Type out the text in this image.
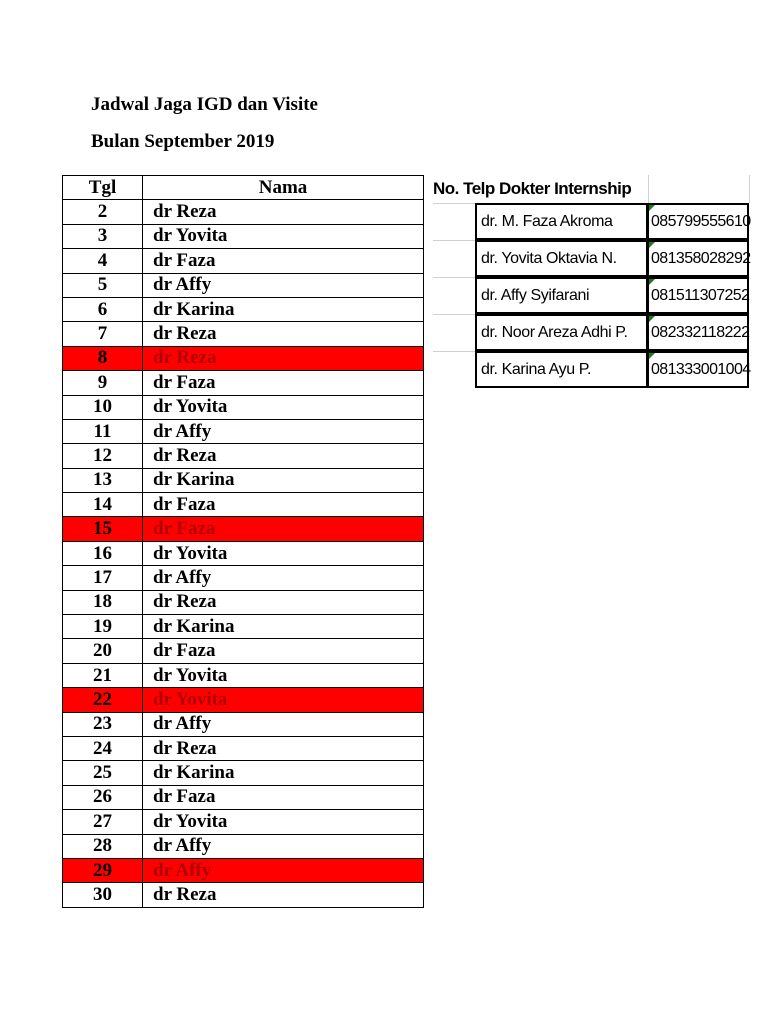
Jadwal Jaga IGD dan Visite
Bulan September 2019
Tgl	Nama
2	dr Reza
3	dr Yovita
4	dr Faza
5	dr Affy
6	dr Karina
7	dr Reza
8	dr Reza
9	dr Faza
10	dr Yovita
11	dr Affy
12	dr Reza
13	dr Karina
14	dr Faza
15	dr Faza
16	dr Yovita
17	dr Affy
18	dr Reza
19	dr Karina
20	dr Faza
21	dr Yovita
22	dr Yovita
23	dr Affy
24	dr Reza
25	dr Karina
26	dr Faza
27	dr Yovita
28	dr Affy
29	dr Affy
30	dr Reza
No. Telp Dokter Internship
dr. M. Faza Akroma	085799555610
dr. Yovita Oktavia N.	081358028292
dr. Affy Syifarani	081511307252
dr. Noor Areza Adhi P.	082332118222
dr. Karina Ayu P.	081333001004
